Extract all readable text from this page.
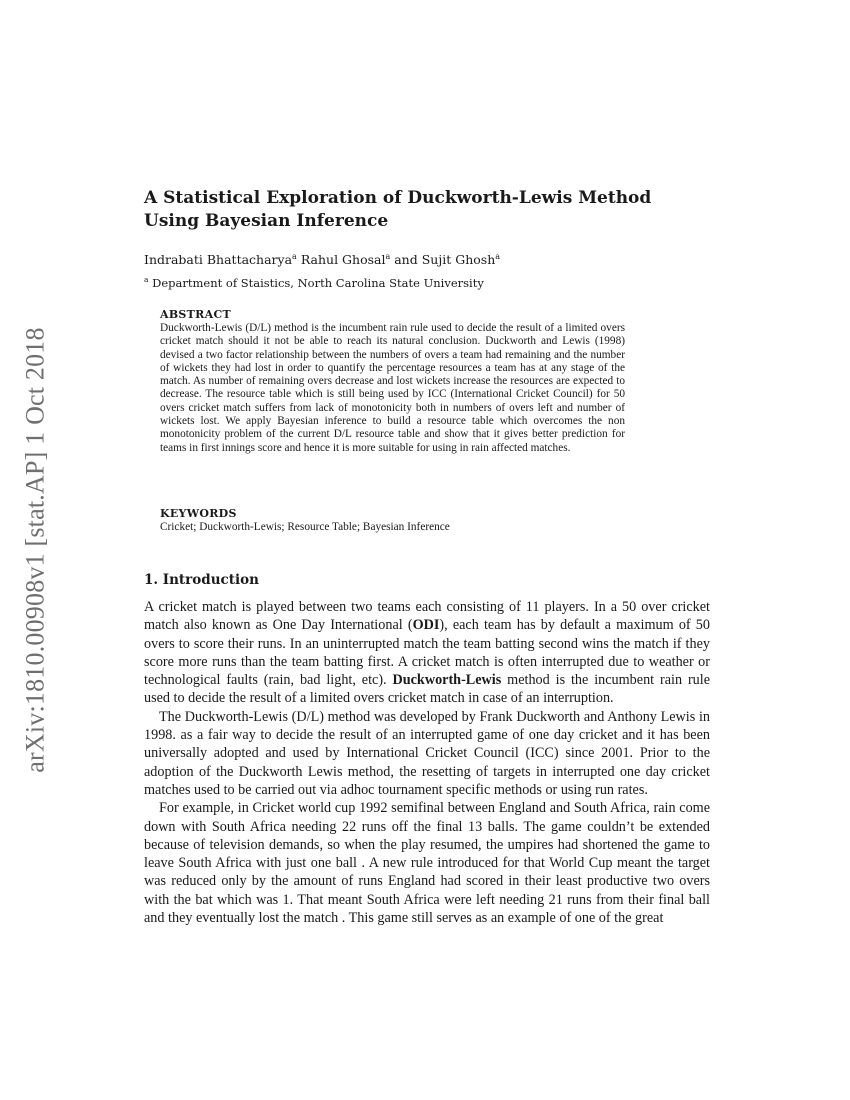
arXiv:1810.00908v1 [stat.AP] 1 Oct 2018
A Statistical Exploration of Duckworth-Lewis Method Using Bayesian Inference
Indrabati Bhattacharya$^a$ Rahul Ghosal$^a$ and Sujit Ghosh$^a$
$^a$ Department of Staistics, North Carolina State University
ABSTRACT

Duckworth-Lewis (D/L) method is the incumbent rain rule used to decide the result of a limited overs cricket match should it not be able to reach its natural conclusion. Duckworth and Lewis (1998) devised a two factor relationship between the numbers of overs a team had remaining and the number of wickets they had lost in order to quantify the percentage resources a team has at any stage of the match. As number of remaining overs decrease and lost wickets increase the resources are expected to decrease. The resource table which is still being used by ICC (International Cricket Council) for 50 overs cricket match suffers from lack of monotonicity both in numbers of overs left and number of wickets lost. We apply Bayesian inference to build a resource table which overcomes the non monotonicity problem of the current D/L resource table and show that it gives better prediction for teams in first innings score and hence it is more suitable for using in rain affected matches.

KEYWORDS

Cricket; Duckworth-Lewis; Resource Table; Bayesian Inference

1. Introduction

A cricket match is played between two teams each consisting of 11 players. In a 50 over cricket match also known as One Day International (ODI), each team has by default a maximum of 50 overs to score their runs. In an uninterrupted match the team batting second wins the match if they score more runs than the team batting first. A cricket match is often interrupted due to weather or technological faults (rain, bad light, etc). Duckworth-Lewis method is the incumbent rain rule used to decide the result of a limited overs cricket match in case of an interruption.

The Duckworth-Lewis (D/L) method was developed by Frank Duckworth and Anthony Lewis in 1998. as a fair way to decide the result of an interrupted game of one day cricket and it has been universally adopted and used by International Cricket Council (ICC) since 2001. Prior to the adoption of the Duckworth Lewis method, the resetting of targets in interrupted one day cricket matches used to be carried out via adhoc tournament specific methods or using run rates.

For example, in Cricket world cup 1992 semifinal between England and South Africa, rain come down with South Africa needing 22 runs off the final 13 balls. The game couldn’t be extended because of television demands, so when the play resumed, the umpires had shortened the game to leave South Africa with just one ball . A new rule introduced for that World Cup meant the target was reduced only by the amount of runs England had scored in their least productive two overs with the bat which was 1. That meant South Africa were left needing 21 runs from their final ball and they eventually lost the match . This game still serves as an example of one of the great
